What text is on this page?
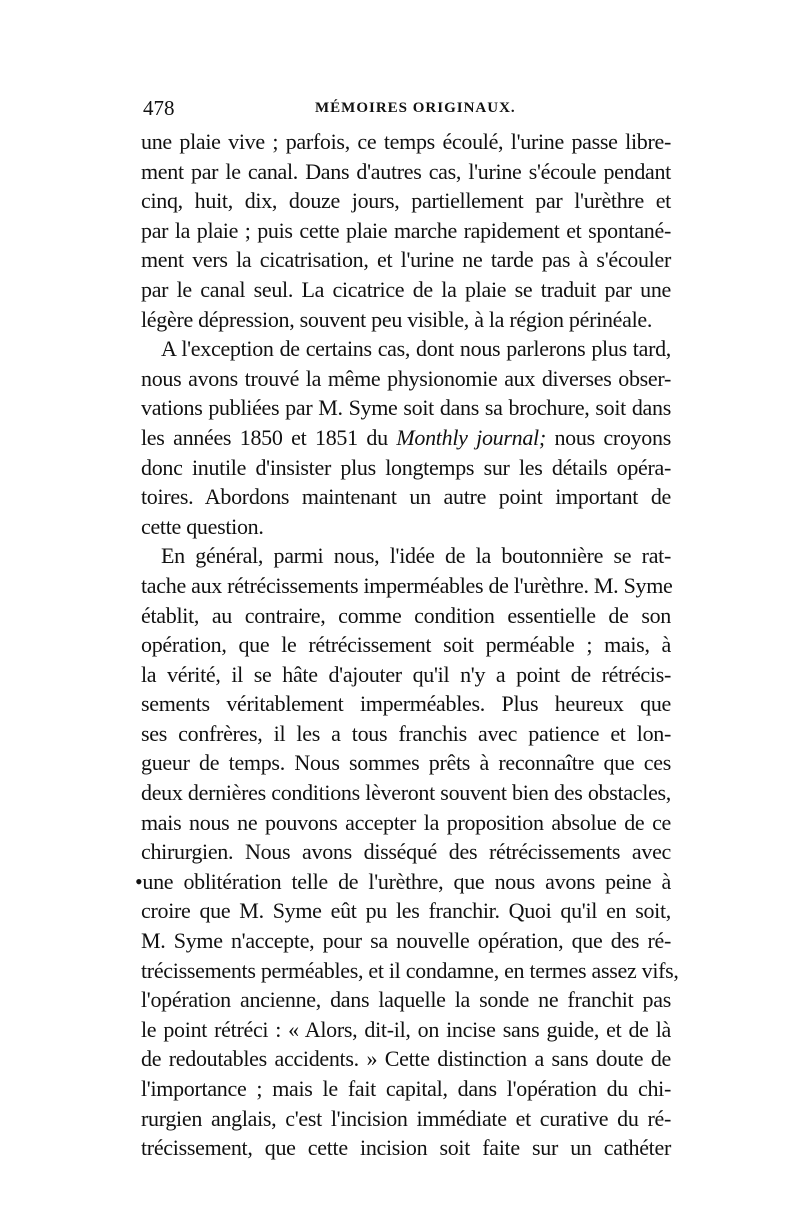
478	MÉMOIRES ORIGINAUX.
une plaie vive ; parfois, ce temps écoulé, l'urine passe libre-
ment par le canal. Dans d'autres cas, l'urine s'écoule pendant
cinq, huit, dix, douze jours, partiellement par l'urèthre et
par la plaie ; puis cette plaie marche rapidement et spontané-
ment vers la cicatrisation, et l'urine ne tarde pas à s'écouler
par le canal seul. La cicatrice de la plaie se traduit par une
légère dépression, souvent peu visible, à la région périnéale.
A l'exception de certains cas, dont nous parlerons plus tard,
nous avons trouvé la même physionomie aux diverses obser-
vations publiées par M. Syme soit dans sa brochure, soit dans
les années 1850 et 1851 du Monthly journal; nous croyons
donc inutile d'insister plus longtemps sur les détails opéra-
toires. Abordons maintenant un autre point important de
cette question.
En général, parmi nous, l'idée de la boutonnière se rat-
tache aux rétrécissements imperméables de l'urèthre. M. Syme
établit, au contraire, comme condition essentielle de son
opération, que le rétrécissement soit perméable ; mais, à
la vérité, il se hâte d'ajouter qu'il n'y a point de rétrécis-
sements véritablement imperméables. Plus heureux que
ses confrères, il les a tous franchis avec patience et lon-
gueur de temps. Nous sommes prêts à reconnaître que ces
deux dernières conditions lèveront souvent bien des obstacles,
mais nous ne pouvons accepter la proposition absolue de ce
chirurgien. Nous avons disséqué des rétrécissements avec
•une oblitération telle de l'urèthre, que nous avons peine à
croire que M. Syme eût pu les franchir. Quoi qu'il en soit,
M. Syme n'accepte, pour sa nouvelle opération, que des ré-
trécissements perméables, et il condamne, en termes assez vifs,
l'opération ancienne, dans laquelle la sonde ne franchit pas
le point rétréci : « Alors, dit-il, on incise sans guide, et de là
de redoutables accidents. » Cette distinction a sans doute de
l'importance ; mais le fait capital, dans l'opération du chi-
rurgien anglais, c'est l'incision immédiate et curative du ré-
trécissement, que cette incision soit faite sur un cathéter
